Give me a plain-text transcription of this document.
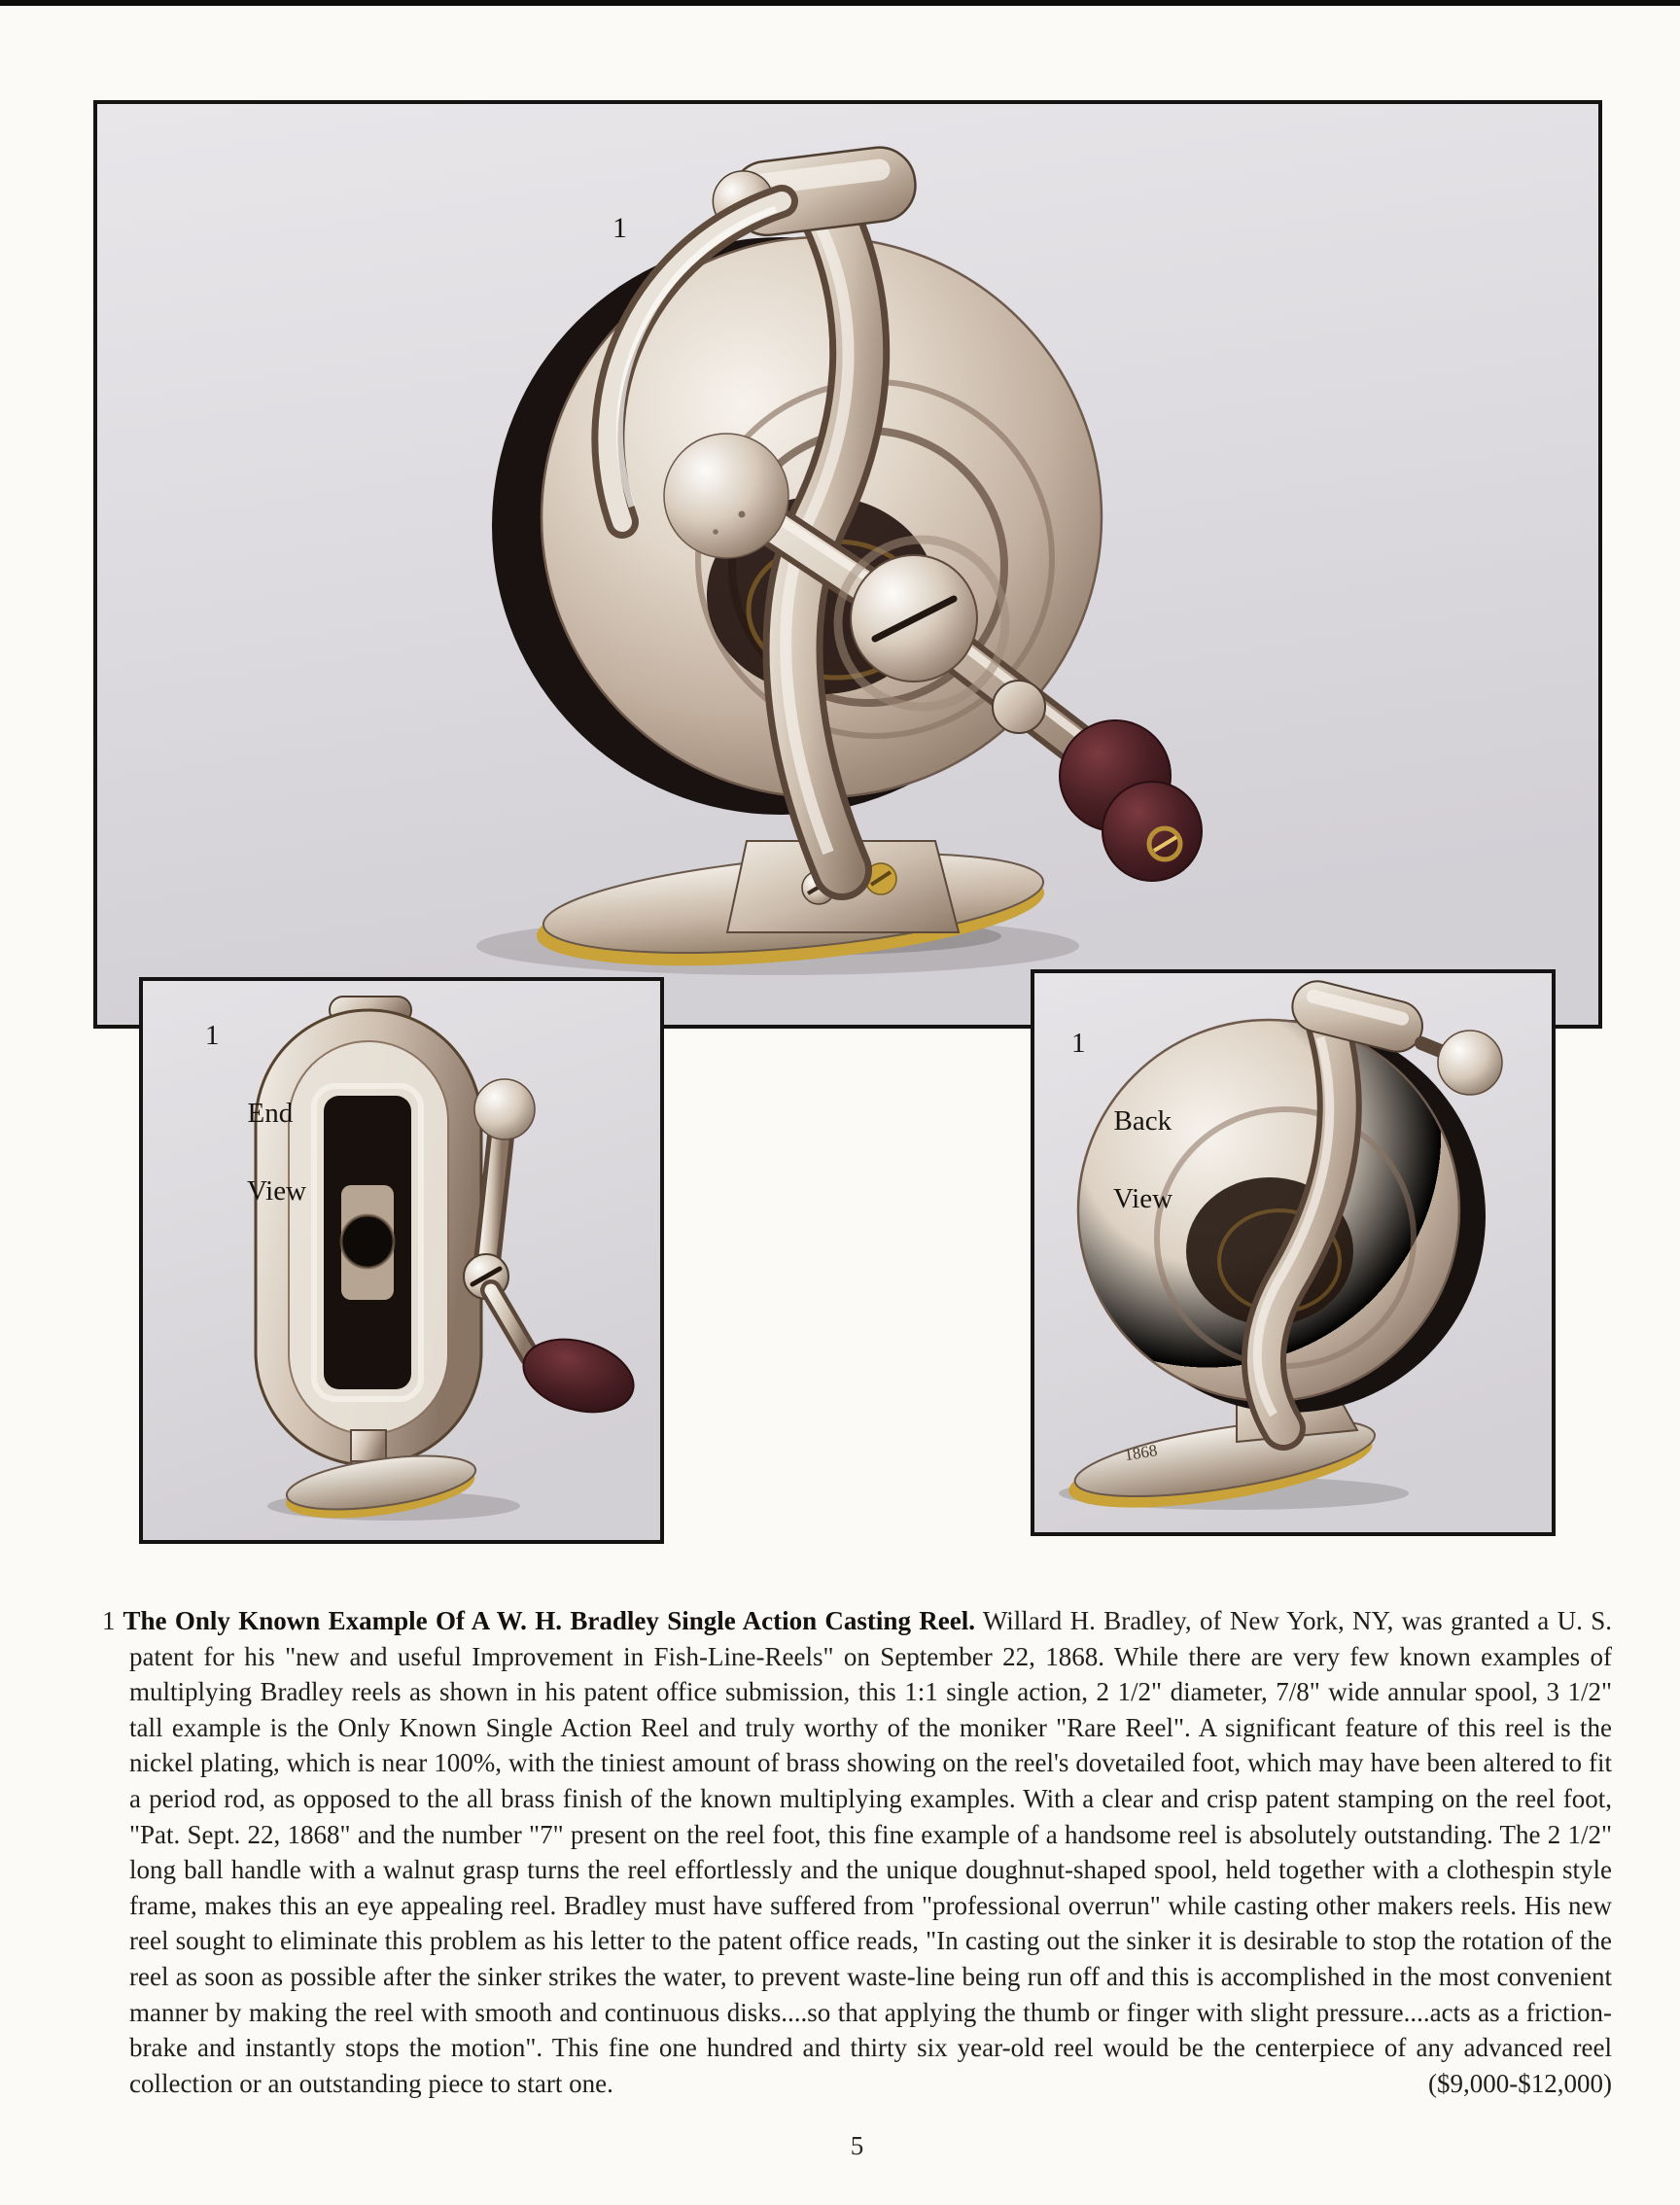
1
1

End

View

1868
1

Back

View

1 The Only Known Example Of A W. H. Bradley Single Action Casting Reel. Willard H. Bradley, of New York, NY, was granted a U. S. patent for his "new and useful Improvement in Fish-Line-Reels" on September 22, 1868. While there are very few known examples of multiplying Bradley reels as shown in his patent office submission, this 1:1 single action, 2 1/2" diameter, 7/8" wide annular spool, 3 1/2" tall example is the Only Known Single Action Reel and truly worthy of the moniker "Rare Reel". A significant feature of this reel is the nickel plating, which is near 100%, with the tiniest amount of brass showing on the reel's dovetailed foot, which may have been altered to fit a period rod, as opposed to the all brass finish of the known multiplying examples. With a clear and crisp patent stamping on the reel foot, "Pat. Sept. 22, 1868" and the number "7" present on the reel foot, this fine example of a handsome reel is absolutely outstanding. The 2 1/2" long ball handle with a walnut grasp turns the reel effortlessly and the unique doughnut-shaped spool, held together with a clothespin style frame, makes this an eye appealing reel. Bradley must have suffered from "professional overrun" while casting other makers reels. His new reel sought to eliminate this problem as his letter to the patent office reads, "In casting out the sinker it is desirable to stop the rotation of the reel as soon as possible after the sinker strikes the water, to prevent waste-line being run off and this is accomplished in the most convenient manner by making the reel with smooth and continuous disks....so that applying the thumb or finger with slight pressure....acts as a friction-brake and instantly stops the motion". This fine one hundred and thirty six year-old reel would be the centerpiece of any advanced reel collection or an outstanding piece to start one.	($9,000-$12,000)

5
